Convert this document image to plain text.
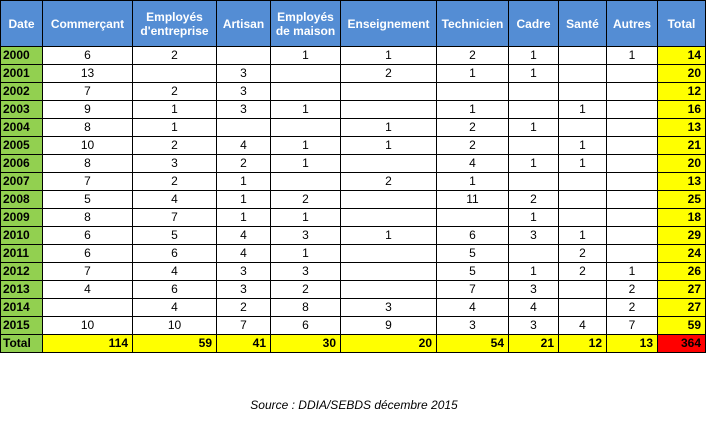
Date	Commerçant	Employés d'entreprise	Artisan	Employés de maison	Enseignement	Technicien	Cadre	Santé	Autres	Total
2000	6	2		1	1	2	1		1	14
2001	13		3		2	1	1			20
2002	7	2	3							12
2003	9	1	3	1		1		1		16
2004	8	1			1	2	1			13
2005	10	2	4	1	1	2		1		21
2006	8	3	2	1		4	1	1		20
2007	7	2	1		2	1				13
2008	5	4	1	2		11	2			25
2009	8	7	1	1			1			18
2010	6	5	4	3	1	6	3	1		29
2011	6	6	4	1		5		2		24
2012	7	4	3	3		5	1	2	1	26
2013	4	6	3	2		7	3		2	27
2014		4	2	8	3	4	4		2	27
2015	10	10	7	6	9	3	3	4	7	59
Total	114	59	41	30	20	54	21	12	13	364
Source : DDIA/SEBDS décembre 2015
